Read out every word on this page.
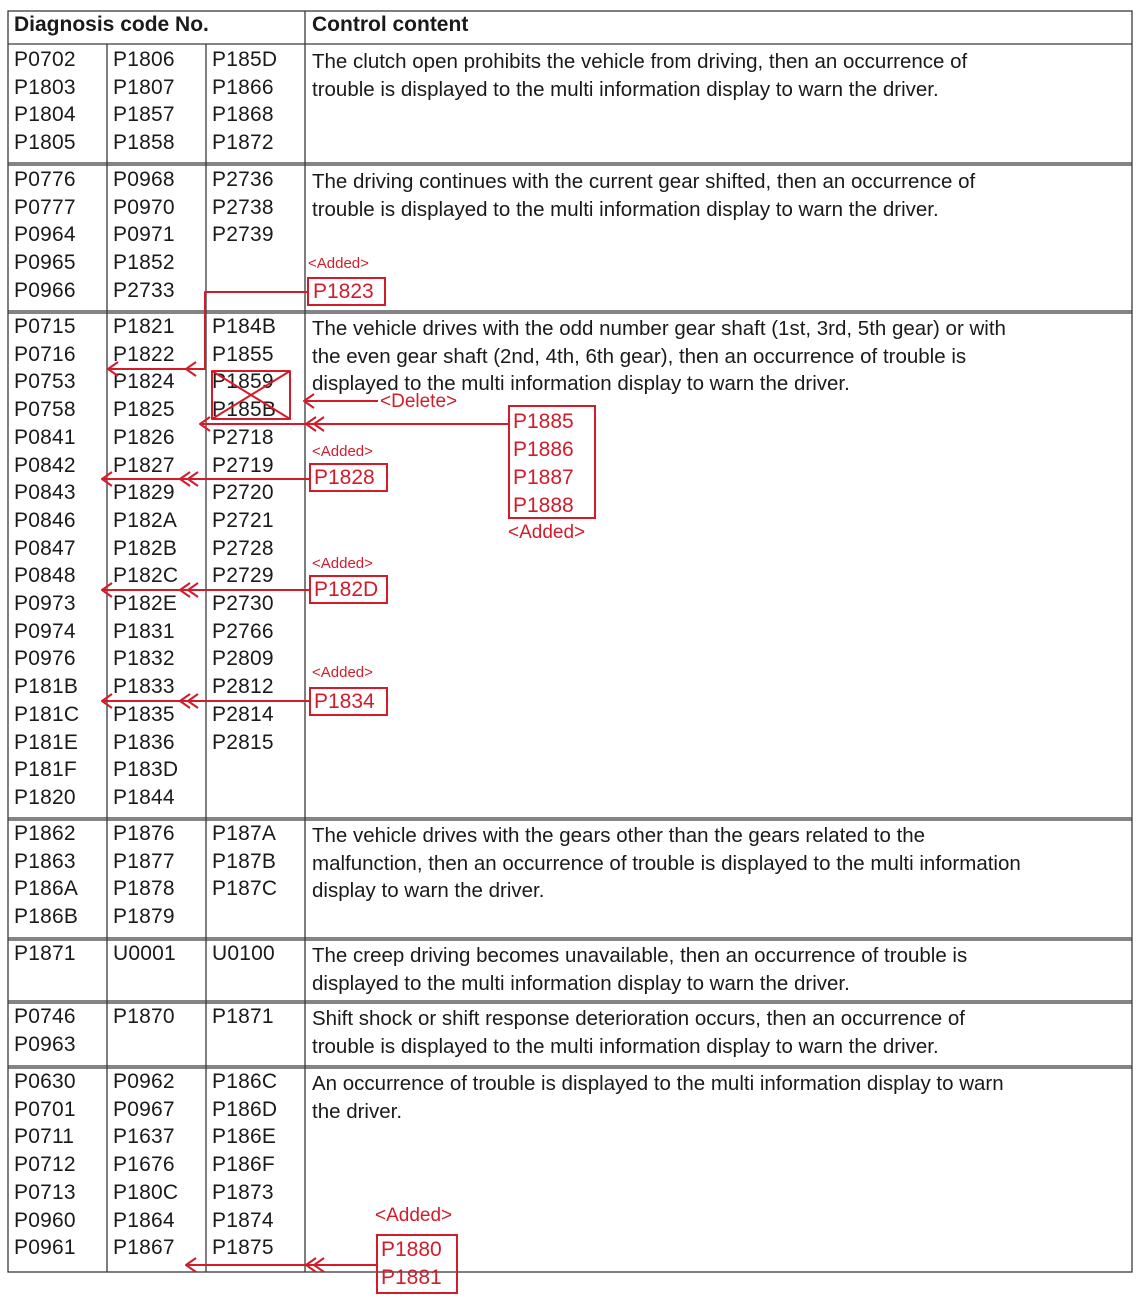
Diagnosis code No.	Control content
P0702
P1803
P1804
P1805
P1806
P1807
P1857
P1858
P185D
P1866
P1868
P1872
The clutch open prohibits the vehicle from driving, then an occurrence of
trouble is displayed to the multi information display to warn the driver.
P0776
P0777
P0964
P0965
P0966
P0968
P0970
P0971
P1852
P2733
P2736
P2738
P2739
The driving continues with the current gear shifted, then an occurrence of
trouble is displayed to the multi information display to warn the driver.
P0715
P0716
P0753
P0758
P0841
P0842
P0843
P0846
P0847
P0848
P0973
P0974
P0976
P181B
P181C
P181E
P181F
P1820
P1821
P1822
P1824
P1825
P1826
P1827
P1829
P182A
P182B
P182C
P182E
P1831
P1832
P1833
P1835
P1836
P183D
P1844
P184B
P1855
P1859
P185B
P2718
P2719
P2720
P2721
P2728
P2729
P2730
P2766
P2809
P2812
P2814
P2815
The vehicle drives with the odd number gear shaft (1st, 3rd, 5th gear) or with
the even gear shaft (2nd, 4th, 6th gear), then an occurrence of trouble is
displayed to the multi information display to warn the driver.
P1862
P1863
P186A
P186B
P1876
P1877
P1878
P1879
P187A
P187B
P187C
The vehicle drives with the gears other than the gears related to the
malfunction, then an occurrence of trouble is displayed to the multi information
display to warn the driver.
P1871 U0001 U0100 The creep driving becomes unavailable, then an occurrence of trouble is
displayed to the multi information display to warn the driver.
P0746
P0963
P1870 P1871 Shift shock or shift response deterioration occurs, then an occurrence of
trouble is displayed to the multi information display to warn the driver.
P0630
P0701
P0711
P0712
P0713
P0960
P0961
P0962
P0967
P1637
P1676
P180C
P1864
P1867
P186C
P186D
P186E
P186F
P1873
P1874
P1875
An occurrence of trouble is displayed to the multi information display to warn
the driver.
<Added>
P1823
<Delete>
P1885
P1886
P1887
P1888
<Added>
<Added>
P1828
<Added>
P182D
<Added>
P1834
<Added>
P1880
P1881
